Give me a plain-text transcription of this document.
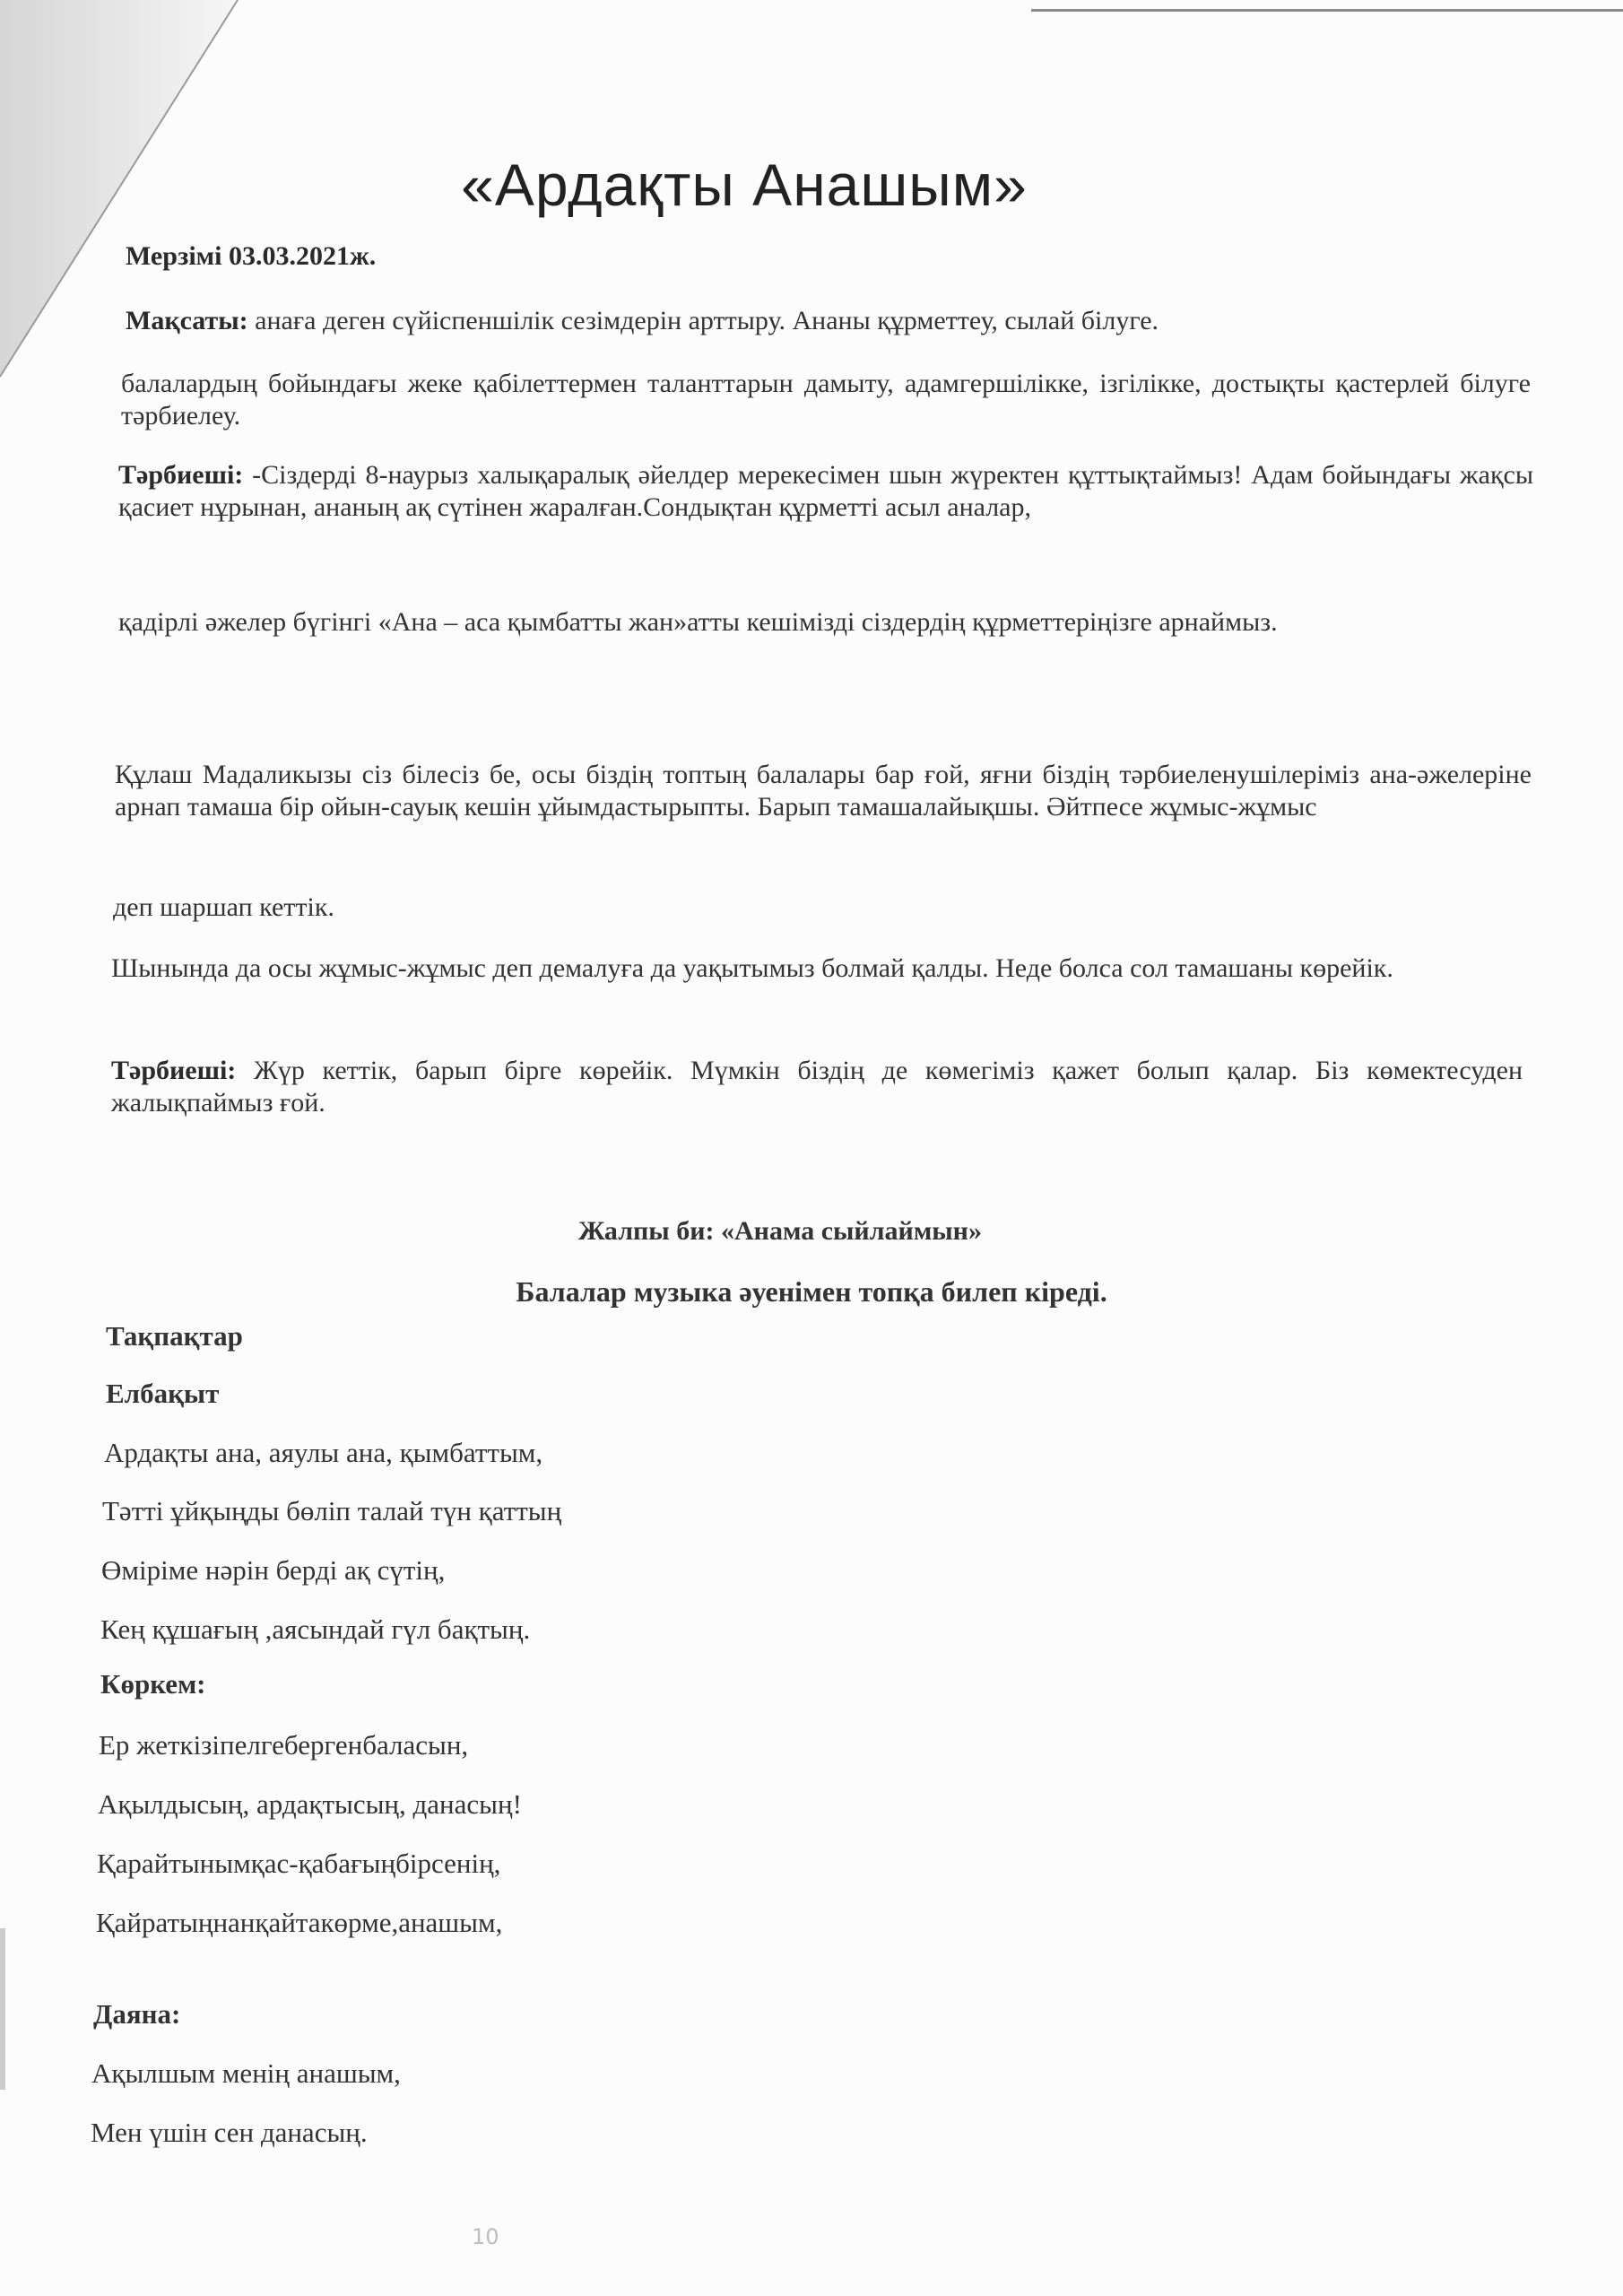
«Ардақты Анашым»
Мерзімі 03.03.2021ж.
Мақсаты: анаға деген сүйіспеншілік сезімдерін арттыру. Ананы құрметтеу, сылай білуге.
балалардың бойындағы жеке қабілеттермен таланттарын дамыту, адамгершілікке, ізгілікке, достықты қастерлей білуге тәрбиелеу.
Тәрбиеші: -Сіздерді 8-наурыз халықаралық әйелдер мерекесімен шын жүректен құттықтаймыз! Адам бойындағы жақсы қасиет нұрынан, ананың ақ сүтінен жаралған.Сондықтан құрметті асыл аналар,
қадірлі әжелер бүгінгі «Ана – аса қымбатты жан»атты кешімізді сіздердің құрметтеріңізге арнаймыз.
Құлаш Мадаликызы сіз білесіз бе, осы біздің топтың балалары бар ғой, яғни біздің тәрбиеленушілеріміз ана-әжелеріне арнап тамаша бір ойын-сауық кешін ұйымдастырыпты. Барып тамашалайықшы. Әйтпесе жұмыс-жұмыс
деп шаршап кеттік.
Шынында да осы жұмыс-жұмыс деп демалуға да уақытымыз болмай қалды. Неде болса сол тамашаны көрейік.
Тәрбиеші: Жүр кеттік, барып бірге көрейік. Мүмкін біздің де көмегіміз қажет болып қалар. Біз көмектесуден жалықпаймыз ғой.
Жалпы би: «Анама сыйлаймын»
Балалар музыка әуенімен топқа билеп кіреді.
Тақпақтар
Елбақыт
Ардақты ана, аяулы ана, қымбаттым,
Тәтті ұйқыңды бөліп талай түн қаттың
Өміріме нәрін берді ақ сүтің,
Кең құшағың ,аясындай гүл бақтың.
Көркем:
Ер жеткізіпелгебергенбаласын,
Ақылдысың, ардақтысың, данасың!
Қарайтынымқас-қабағыңбірсенің,
Қайратыңнанқайтакөрме,анашым,
Даяна:
Ақылшым менің анашым,
Мен үшін сен данасың.
10
